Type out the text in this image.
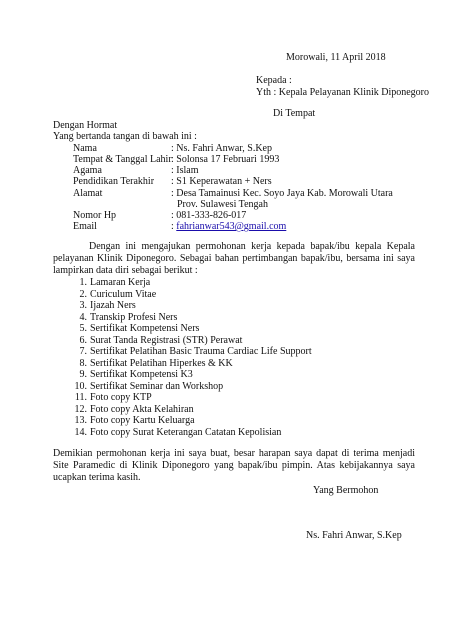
Morowali, 11 April 2018
Kepada :
Yth : Kepala Pelayanan Klinik Diponegoro
Di Tempat
Dengan Hormat
Yang bertanda tangan di bawah ini :
Nama	: Ns. Fahri Anwar, S.Kep
Tempat & Tanggal Lahir : Solonsa 17 Februari 1993
Agama	: Islam
Pendidikan Terakhir : S1 Keperawatan + Ners
Alamat	: Desa Tamainusi Kec. Soyo Jaya Kab. Morowali Utara
Prov. Sulawesi Tengah
Nomor Hp	: 081-333-826-017
Email	: fahrianwar543@gmail.com
Dengan ini mengajukan permohonan kerja kepada bapak/ibu kepala Kepala pelayanan Klinik Diponegoro. Sebagai bahan pertimbangan bapak/ibu, bersama ini saya lampirkan data diri sebagai berikut :
1. Lamaran Kerja
2. Curiculum Vitae
3. Ijazah Ners
4. Transkip Profesi Ners
5. Sertifikat Kompetensi Ners
6. Surat Tanda Registrasi (STR) Perawat
7. Sertifikat Pelatihan Basic Trauma Cardiac Life Support
8. Sertifikat Pelatihan Hiperkes & KK
9. Sertifikat Kompetensi K3
10. Sertifikat Seminar dan Workshop
11. Foto copy KTP
12. Foto copy Akta Kelahiran
13. Foto copy Kartu Keluarga
14. Foto copy Surat Keterangan Catatan Kepolisian
Demikian permohonan kerja ini saya buat, besar harapan saya dapat di terima menjadi Site Paramedic di Klinik Diponegoro yang bapak/ibu pimpin. Atas kebijakannya saya ucapkan terima kasih.
Yang Bermohon
Ns. Fahri Anwar, S.Kep
